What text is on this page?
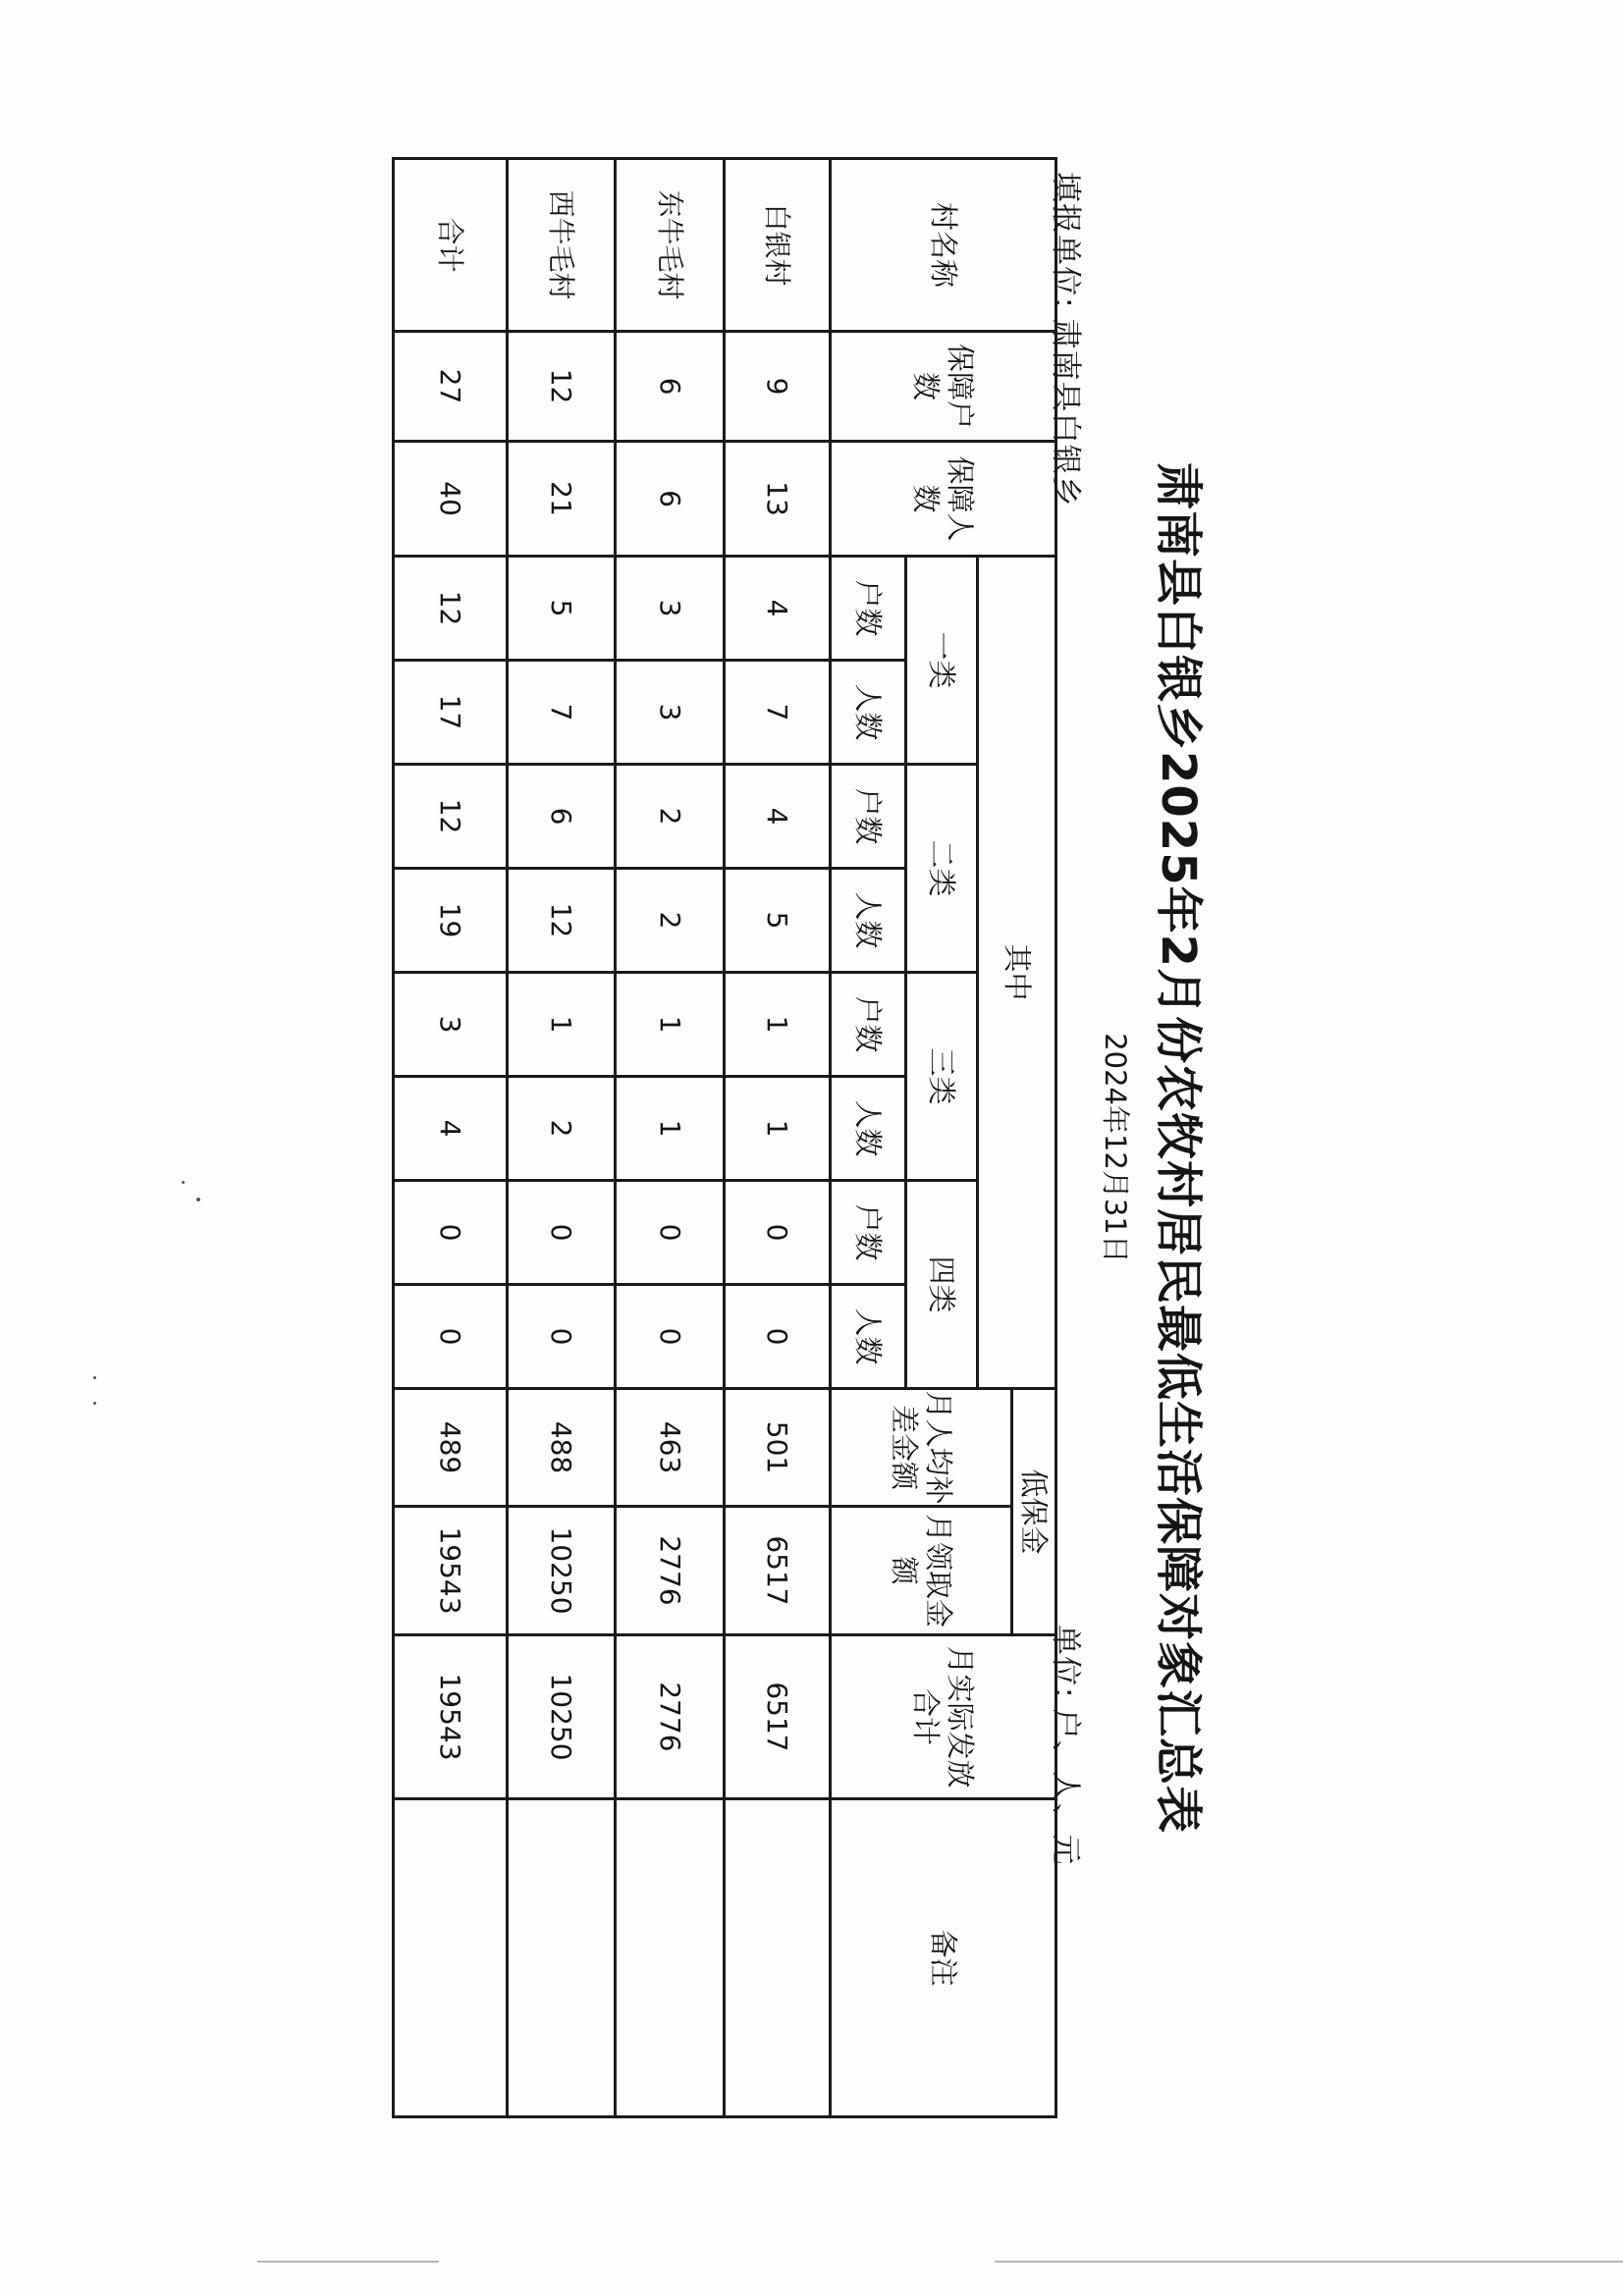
肃南县白银乡2025年2月份农牧村居民最低生活保障对象汇总表
2024年12月31日
填报单位:肃南县白银乡
单位:户、人、元
村名称	保障户数	保障人数	其中								低保金		月实际发放合计	备注
											月人均补差金额	月领取金额		
			一类		二类		三类		四类					
			户数	人数	户数	人数	户数	人数	户数	人数				
白银村	9	13	4	7	4	5	1	1	0	0	501	6517	6517	
东牛毛村	6	6	3	3	2	2	1	1	0	0	463	2776	2776	
西牛毛村	12	21	5	7	6	12	1	2	0	0	488	10250	10250	
合计	27	40	12	17	12	19	3	4	0	0	489	19543	19543	
